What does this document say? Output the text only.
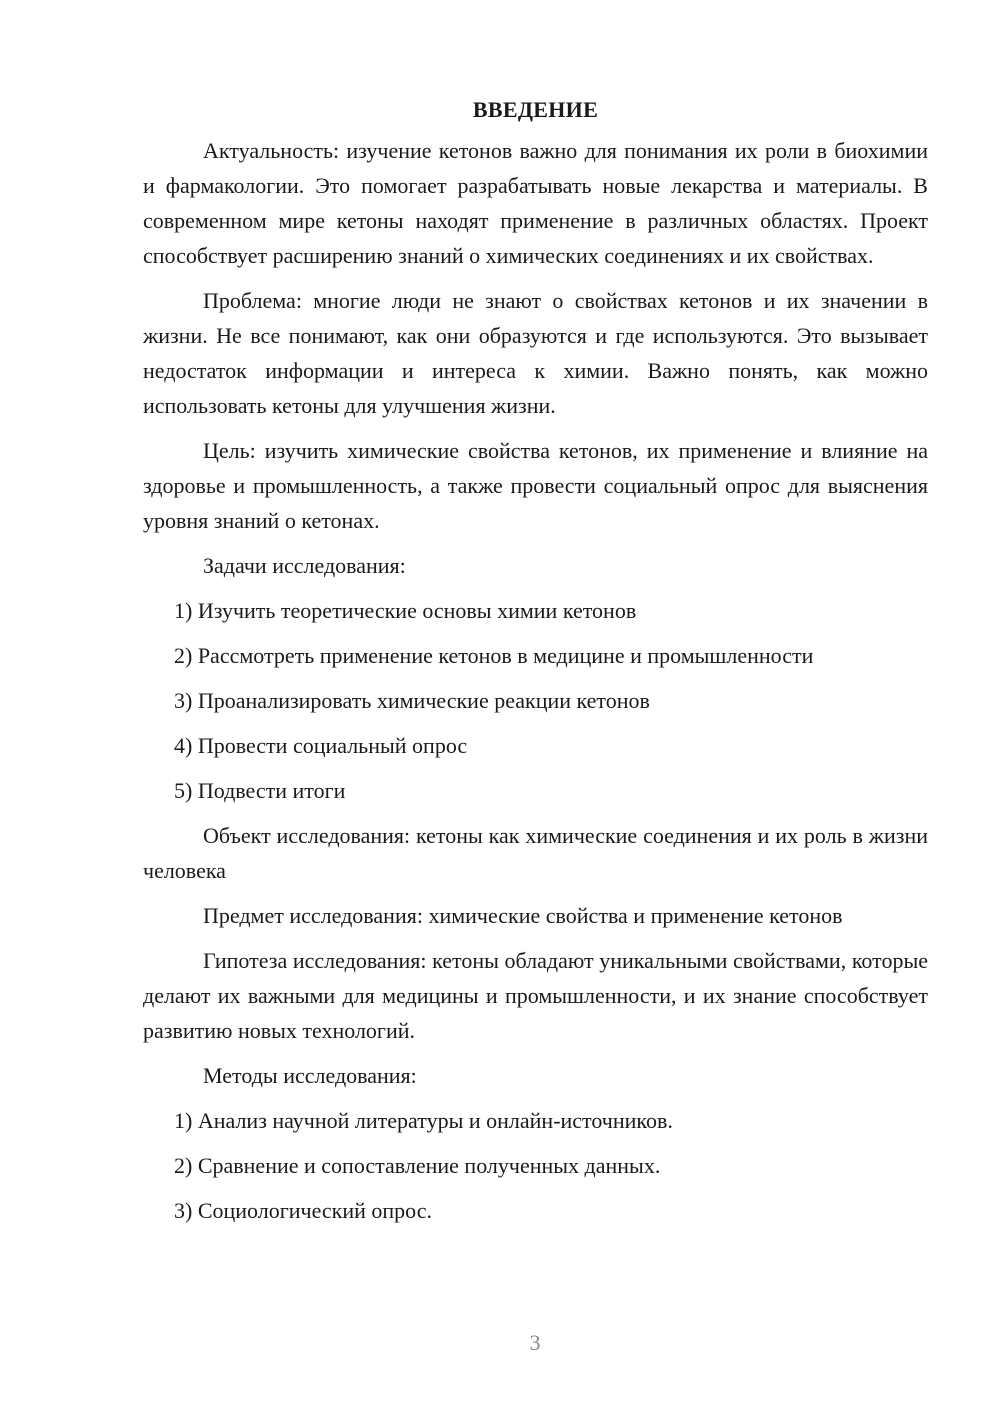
ВВЕДЕНИЕ

Актуальность: изучение кетонов важно для понимания их роли в биохимии и фармакологии. Это помогает разрабатывать новые лекарства и материалы. В современном мире кетоны находят применение в различных областях. Проект способствует расширению знаний о химических соединениях и их свойствах.

Проблема: многие люди не знают о свойствах кетонов и их значении в жизни. Не все понимают, как они образуются и где используются. Это вызывает недостаток информации и интереса к химии. Важно понять, как можно использовать кетоны для улучшения жизни.

Цель: изучить химические свойства кетонов, их применение и влияние на здоровье и промышленность, а также провести социальный опрос для выяснения уровня знаний о кетонах.

Задачи исследования:

1) Изучить теоретические основы химии кетонов

2) Рассмотреть применение кетонов в медицине и промышленности

3) Проанализировать химические реакции кетонов

4) Провести социальный опрос

5) Подвести итоги

Объект исследования: кетоны как химические соединения и их роль в жизни человека

Предмет исследования: химические свойства и применение кетонов

Гипотеза исследования: кетоны обладают уникальными свойствами, которые делают их важными для медицины и промышленности, и их знание способствует развитию новых технологий.

Методы исследования:

1) Анализ научной литературы и онлайн-источников.

2) Сравнение и сопоставление полученных данных.

3) Социологический опрос.

3
